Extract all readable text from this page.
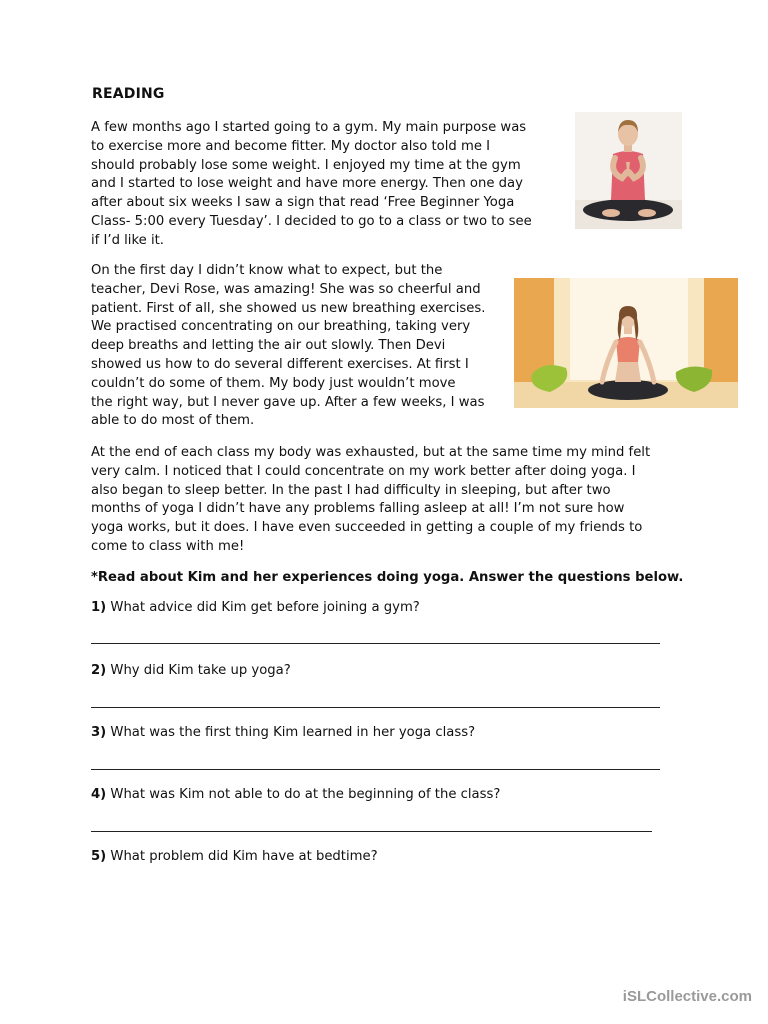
READING
A few months ago I started going to a gym. My main purpose was
to exercise more and become fitter. My doctor also told me I
should probably lose some weight. I enjoyed my time at the gym
and I started to lose weight and have more energy. Then one day
after about six weeks I saw a sign that read ‘Free Beginner Yoga
Class- 5:00 every Tuesday’. I decided to go to a class or two to see
if I’d like it.
On the first day I didn’t know what to expect, but the
teacher, Devi Rose, was amazing! She was so cheerful and
patient. First of all, she showed us new breathing exercises.
We practised concentrating on our breathing, taking very
deep breaths and letting the air out slowly. Then Devi
showed us how to do several different exercises. At first I
couldn’t do some of them. My body just wouldn’t move
the right way, but I never gave up. After a few weeks, I was
able to do most of them.
At the end of each class my body was exhausted, but at the same time my mind felt
very calm. I noticed that I could concentrate on my work better after doing yoga. I
also began to sleep better. In the past I had difficulty in sleeping, but after two
months of yoga I didn’t have any problems falling asleep at all! I’m not sure how
yoga works, but it does. I have even succeeded in getting a couple of my friends to
come to class with me!
*Read about Kim and her experiences doing yoga. Answer the questions below.
1) What advice did Kim get before joining a gym?
2) Why did Kim take up yoga?
3) What was the first thing Kim learned in her yoga class?
4) What was Kim not able to do at the beginning of the class?
5) What problem did Kim have at bedtime?
iSLCollective.com
